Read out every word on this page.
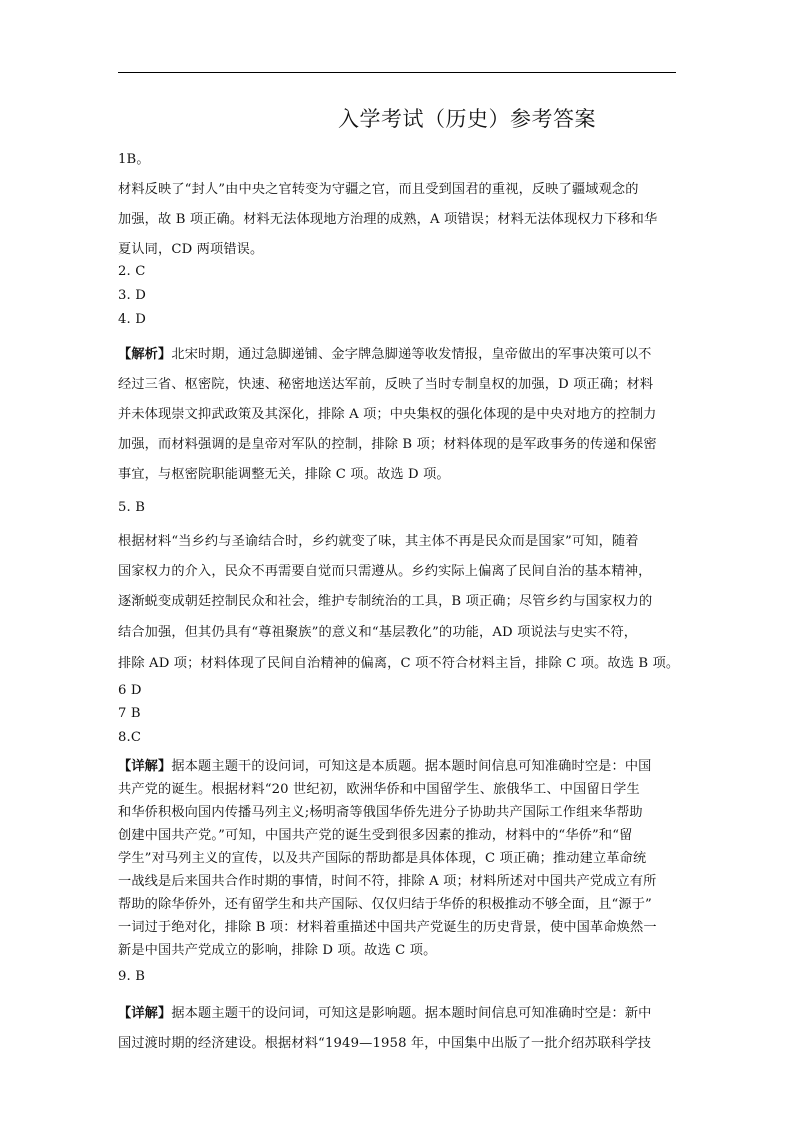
入学考试（历史）参考答案
1B。
材料反映了“封人”由中央之官转变为守疆之官，而且受到国君的重视，反映了疆域观念的
加强，故 B 项正确。材料无法体现地方治理的成熟，A 项错误；材料无法体现权力下移和华
夏认同，CD 两项错误。
2. C
3. D
4. D
【解析】北宋时期，通过急脚递铺、金字牌急脚递等收发情报，皇帝做出的军事决策可以不
经过三省、枢密院，快速、秘密地送达军前，反映了当时专制皇权的加强，D 项正确；材料
并未体现崇文抑武政策及其深化，排除 A 项；中央集权的强化体现的是中央对地方的控制力
加强，而材料强调的是皇帝对军队的控制，排除 B 项；材料体现的是军政事务的传递和保密
事宜，与枢密院职能调整无关，排除 C 项。故选 D 项。
5. B
根据材料“当乡约与圣谕结合时，乡约就变了味，其主体不再是民众而是国家”可知，随着
国家权力的介入，民众不再需要自觉而只需遵从。乡约实际上偏离了民间自治的基本精神，
逐渐蜕变成朝廷控制民众和社会，维护专制统治的工具，B 项正确；尽管乡约与国家权力的
结合加强，但其仍具有“尊祖聚族”的意义和“基层教化”的功能，AD 项说法与史实不符，
排除 AD 项；材料体现了民间自治精神的偏离，C 项不符合材料主旨，排除 C 项。故选 B 项。
6 D
7 B
8.C
【详解】据本题主题干的设问词，可知这是本质题。据本题时间信息可知准确时空是：中国
共产党的诞生。根据材料“20 世纪初，欧洲华侨和中国留学生、旅俄华工、中国留日学生
和华侨积极向国内传播马列主义;杨明斋等俄国华侨先进分子协助共产国际工作组来华帮助
创建中国共产党。”可知，中国共产党的诞生受到很多因素的推动，材料中的“华侨”和“留
学生”对马列主义的宣传，以及共产国际的帮助都是具体体现，C 项正确；推动建立革命统
一战线是后来国共合作时期的事情，时间不符，排除 A 项；材料所述对中国共产党成立有所
帮助的除华侨外，还有留学生和共产国际、仅仅归结于华侨的积极推动不够全面，且“源于”
一词过于绝对化，排除 B 项：材料着重描述中国共产党诞生的历史背景，使中国革命焕然一
新是中国共产党成立的影响，排除 D 项。故选 C 项。
9. B
【详解】据本题主题干的设问词，可知这是影响题。据本题时间信息可知准确时空是：新中
国过渡时期的经济建设。根据材料“1949—1958 年，中国集中出版了一批介绍苏联科学技
